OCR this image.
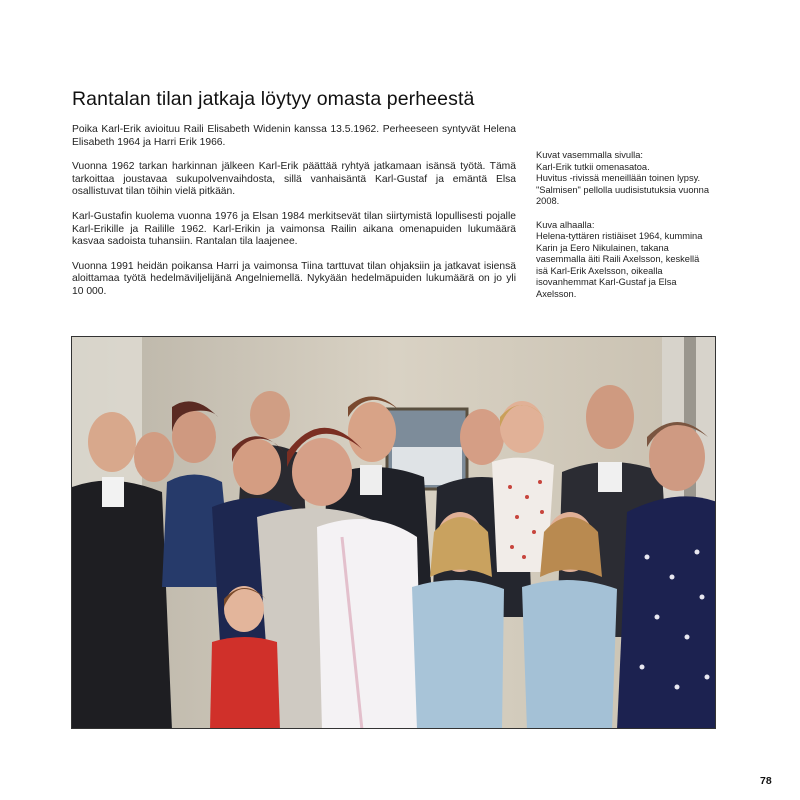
Rantalan tilan jatkaja löytyy omasta perheestä

Poika Karl-Erik avioituu Raili Elisabeth Widenin kanssa 13.5.1962. Perheeseen syntyvät Helena Elisabeth 1964 ja Harri Erik 1966.

Vuonna 1962 tarkan harkinnan jälkeen Karl-Erik päättää ryhtyä jatkamaan isänsä työtä. Tämä tarkoittaa joustavaa sukupolvenvaihdosta, sillä vanhaisäntä Karl-Gustaf ja emäntä Elsa osallistuvat tilan töihin vielä pitkään.

Karl-Gustafin kuolema vuonna 1976 ja Elsan 1984 merkitsevät tilan siirtymistä lopullisesti pojalle Karl-Erikille ja Railille 1962. Karl-Erikin ja vaimonsa Railin aikana omenapuiden lukumäärä kasvaa sadoista tuhansiin. Rantalan tila laajenee.

Vuonna 1991 heidän poikansa Harri ja vaimonsa Tiina tarttuvat tilan ohjaksiin ja jatkavat isiensä aloittamaa työtä hedelmäviljelijänä Angelniemellä. Nykyään hedelmäpuiden lukumäärä on jo yli 10 000.

Kuvat vasemmalla sivulla:
Karl-Erik tutkii omenasatoa.
Huvitus -rivissä meneillään toinen lypsy.
"Salmisen" pellolla uudisistutuksia vuonna
2008.

Kuva alhaalla:
Helena-tyttären ristiäiset 1964, kummina
Karin ja Eero Nikulainen, takana
vasemmalla äiti Raili Axelsson, keskellä
isä Karl-Erik Axelsson, oikealla
isovanhemmat Karl-Gustaf ja Elsa
Axelsson.

78
